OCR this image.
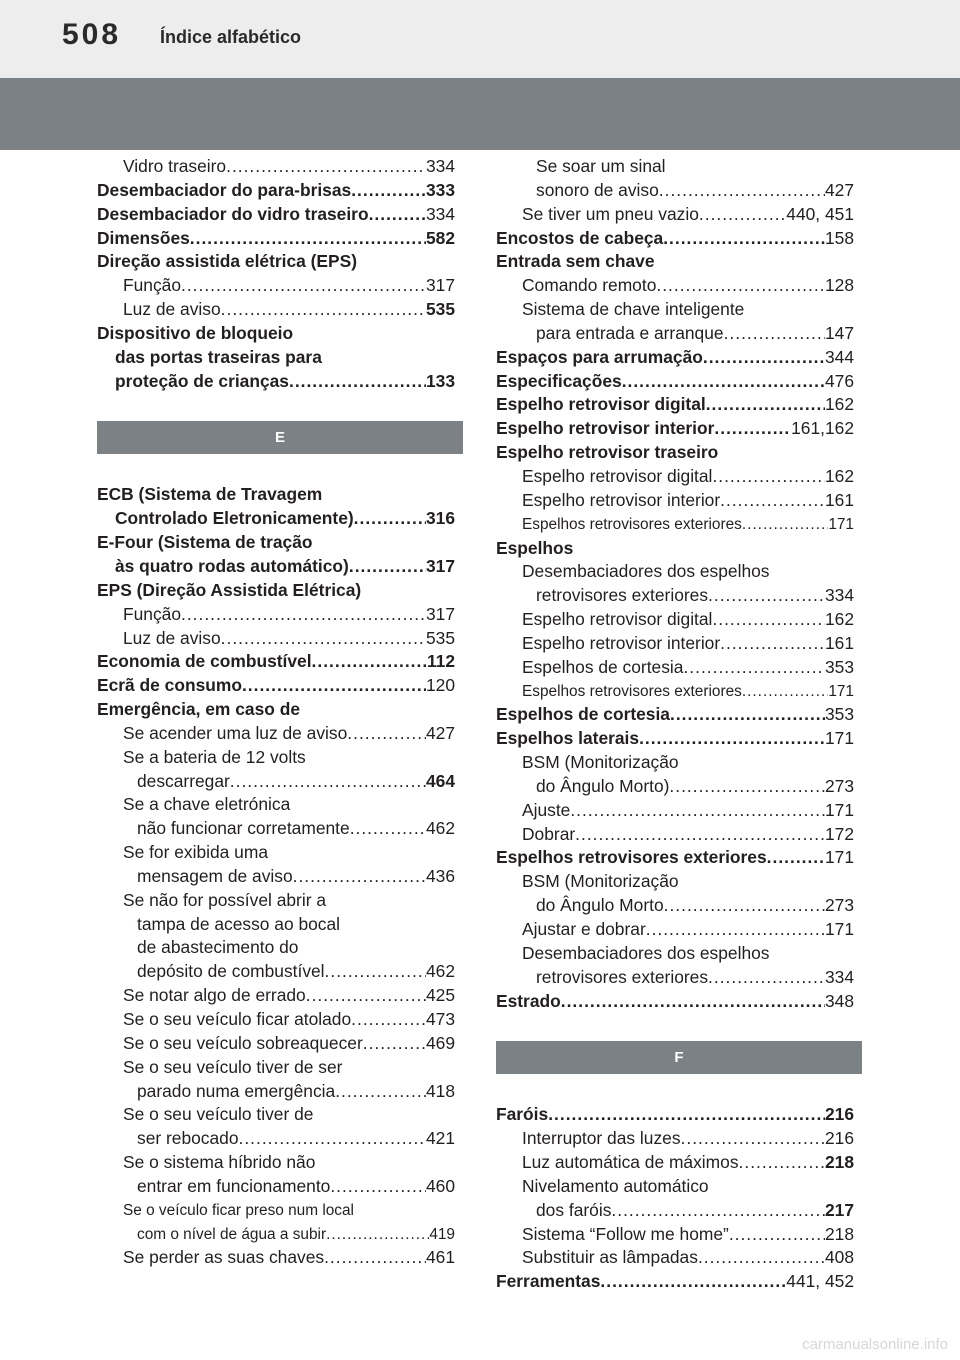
508 Índice alfabético
Vidro traseiro .....	334
Desembaciador do para-brisas .....	333
Desembaciador do vidro traseiro .....	334
Dimensões .....	582
Direção assistida elétrica (EPS)
Função .....	317
Luz de aviso .....	535
Dispositivo de bloqueio
das portas traseiras para
proteção de crianças .....	133
E
ECB (Sistema de Travagem
Controlado Eletronicamente) .....	316
E-Four (Sistema de tração
às quatro rodas automático) .....	317
EPS (Direção Assistida Elétrica)
Função .....	317
Luz de aviso .....	535
Economia de combustível .....	112
Ecrã de consumo .....	120
Emergência, em caso de
Se acender uma luz de aviso .....	427
Se a bateria de 12 volts
descarregar .....	464
Se a chave eletrónica
não funcionar corretamente .....	462
Se for exibida uma
mensagem de aviso .....	436
Se não for possível abrir a
tampa de acesso ao bocal
de abastecimento do
depósito de combustível .....	462
Se notar algo de errado .....	425
Se o seu veículo ficar atolado .....	473
Se o seu veículo sobreaquecer .....	469
Se o seu veículo tiver de ser
parado numa emergência .....	418
Se o seu veículo tiver de
ser rebocado .....	421
Se o sistema híbrido não
entrar em funcionamento .....	460
Se o veículo ficar preso num local
com o nível de água a subir .....	419
Se perder as suas chaves .....	461
Se soar um sinal
sonoro de aviso .....	427
Se tiver um pneu vazio .....	440, 451
Encostos de cabeça .....	158
Entrada sem chave
Comando remoto .....	128
Sistema de chave inteligente
para entrada e arranque .....	147
Espaços para arrumação .....	344
Especificações .....	476
Espelho retrovisor digital .....	162
Espelho retrovisor interior .....	161,162
Espelho retrovisor traseiro
Espelho retrovisor digital .....	162
Espelho retrovisor interior .....	161
Espelhos retrovisores exteriores .....	171
Espelhos
Desembaciadores dos espelhos
retrovisores exteriores .....	334
Espelho retrovisor digital .....	162
Espelho retrovisor interior .....	161
Espelhos de cortesia .....	353
Espelhos retrovisores exteriores .....	171
Espelhos de cortesia .....	353
Espelhos laterais .....	171
BSM (Monitorização
do Ângulo Morto) .....	273
Ajuste .....	171
Dobrar .....	172
Espelhos retrovisores exteriores .....	171
BSM (Monitorização
do Ângulo Morto .....	273
Ajustar e dobrar .....	171
Desembaciadores dos espelhos
retrovisores exteriores .....	334
Estrado .....	348
F
Faróis .....	216
Interruptor das luzes .....	216
Luz automática de máximos .....	218
Nivelamento automático
dos faróis .....	217
Sistema “Follow me home” .....	218
Substituir as lâmpadas .....	408
Ferramentas .....	441, 452
carmanualsonline.info
